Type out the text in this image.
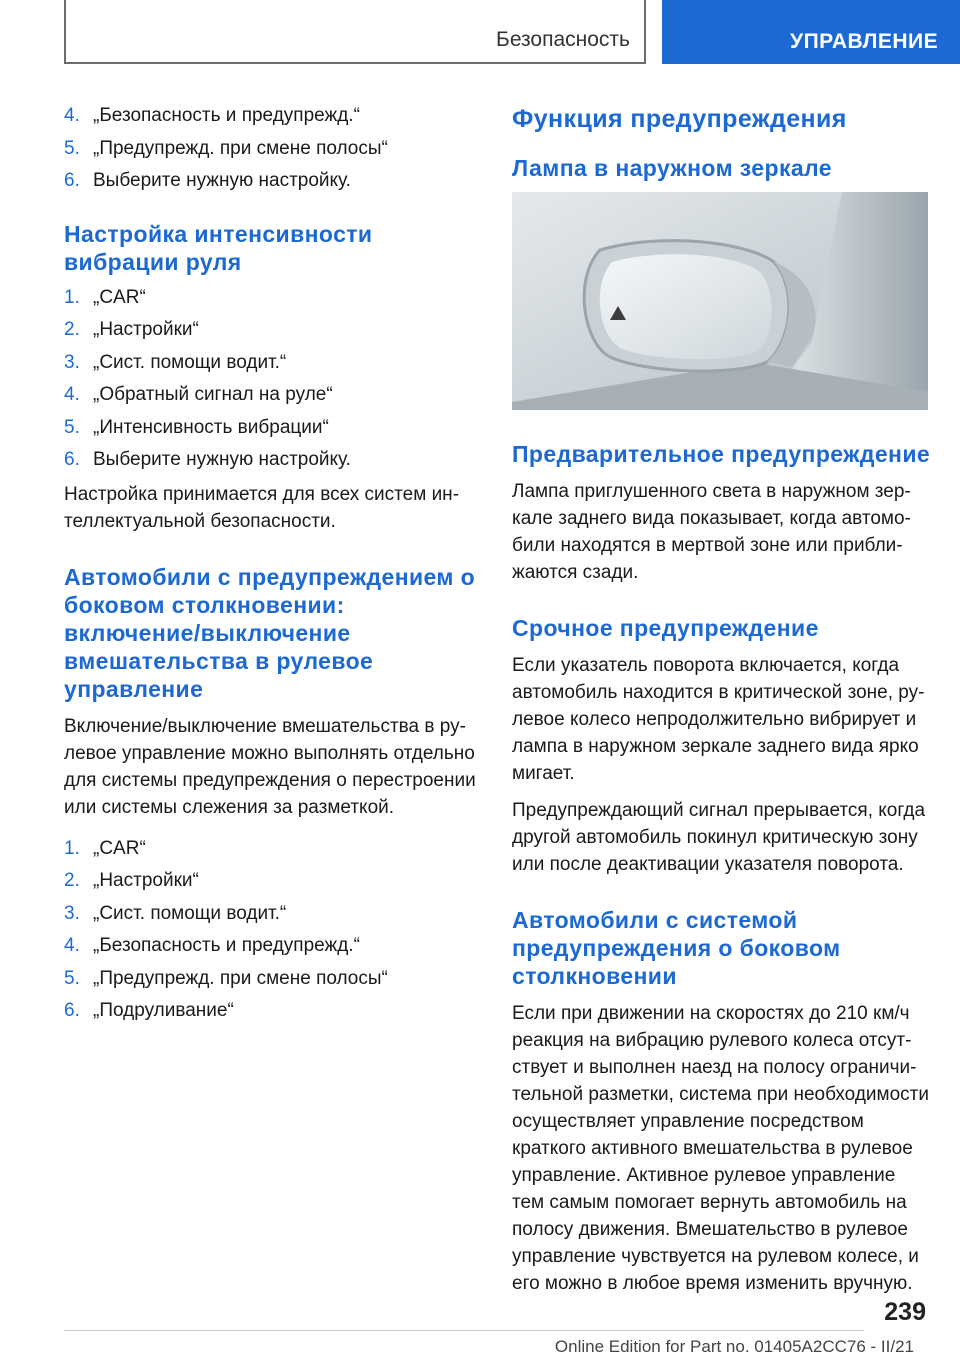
Безопасность	УПРАВЛЕНИЕ
4. „Безопасность и предупрежд.“
5. „Предупрежд. при смене полосы“
6. Выберите нужную настройку.
Настройка интенсивности вибрации руля
1. „CAR“
2. „Настройки“
3. „Сист. помощи водит.“
4. „Обратный сигнал на руле“
5. „Интенсивность вибрации“
6. Выберите нужную настройку.

Настройка принимается для всех систем интеллектуальной безопасности.

Автомобили с предупреждением о боковом столкновении: включение/выключение вмешательства в рулевое управление

Включение/выключение вмешательства в рулевое управление можно выполнять отдельно для системы предупреждения о перестроении или системы слежения за разметкой.

1. „CAR“
2. „Настройки“
3. „Сист. помощи водит.“
4. „Безопасность и предупрежд.“
5. „Предупрежд. при смене полосы“
6. „Подруливание“
Функция предупреждения
Лампа в наружном зеркале
Предварительное предупреждение

Лампа приглушенного света в наружном зеркале заднего вида показывает, когда автомобили находятся в мертвой зоне или приближаются сзади.

Срочное предупреждение

Если указатель поворота включается, когда автомобиль находится в критической зоне, рулевое колесо непродолжительно вибрирует и лампа в наружном зеркале заднего вида ярко мигает.

Предупреждающий сигнал прерывается, когда другой автомобиль покинул критическую зону или после деактивации указателя поворота.

Автомобили с системой предупреждения о боковом столкновении

Если при движении на скоростях до 210 км/ч реакция на вибрацию рулевого колеса отсутствует и выполнен наезд на полосу ограничительной разметки, система при необходимости осуществляет управление посредством краткого активного вмешательства в рулевое управление. Активное рулевое управление тем самым помогает вернуть автомобиль на полосу движения. Вмешательство в рулевое управление чувствуется на рулевом колесе, и его можно в любое время изменить вручную.

239
Online Edition for Part no. 01405A2CC76 - II/21
